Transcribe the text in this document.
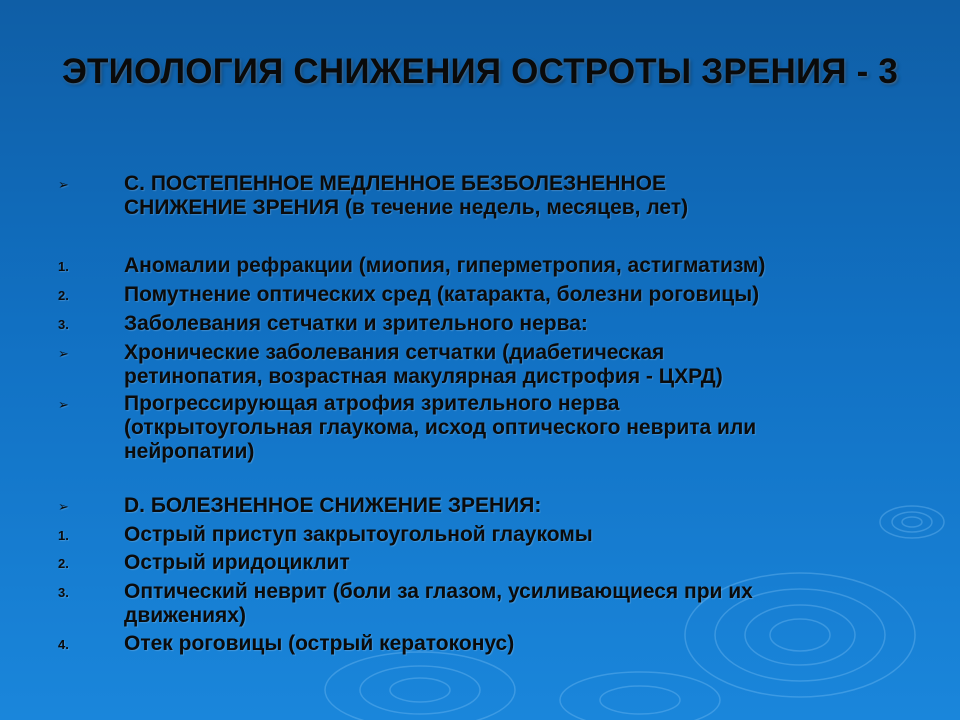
ЭТИОЛОГИЯ СНИЖЕНИЯ ОСТРОТЫ ЗРЕНИЯ - 3
➢	С. ПОСТЕПЕННОЕ МЕДЛЕННОЕ БЕЗБОЛЕЗНЕННОЕ
СНИЖЕНИЕ ЗРЕНИЯ (в течение недель, месяцев, лет)
1.	Аномалии рефракции (миопия, гиперметропия, астигматизм)
2.	Помутнение оптических сред (катаракта, болезни роговицы)
3.	Заболевания сетчатки и зрительного нерва:
➢	Хронические заболевания сетчатки (диабетическая
ретинопатия, возрастная макулярная дистрофия - ЦХРД)
➢	Прогрессирующая атрофия зрительного нерва
(открытоугольная глаукома, исход оптического неврита или
нейропатии)
➢	D. БОЛЕЗНЕННОЕ СНИЖЕНИЕ ЗРЕНИЯ:
1.	Острый приступ закрытоугольной глаукомы
2.	Острый иридоциклит
3.	Оптический неврит (боли за глазом, усиливающиеся при их
движениях)
4.	Отек роговицы (острый кератоконус)
